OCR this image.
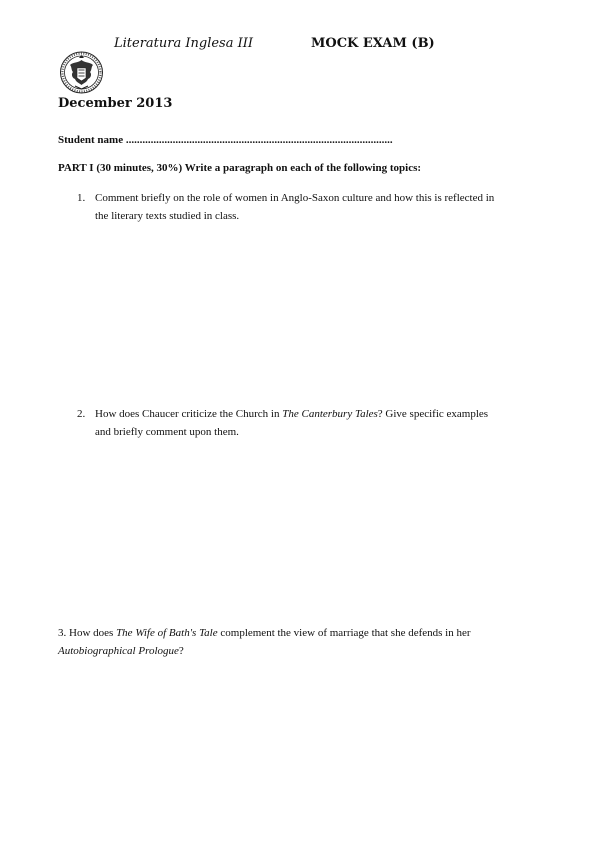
Literatura Inglesa III	MOCK EXAM (B)
December 2013
Student name .................................................................................................
PART I (30 minutes, 30%) Write a paragraph on each of the following topics:
1. Comment briefly on the role of women in Anglo-Saxon culture and how this is reflected in
the literary texts studied in class.
2. How does Chaucer criticize the Church in The Canterbury Tales? Give specific examples
and briefly comment upon them.
3. How does The Wife of Bath's Tale complement the view of marriage that she defends in her
Autobiographical Prologue?
